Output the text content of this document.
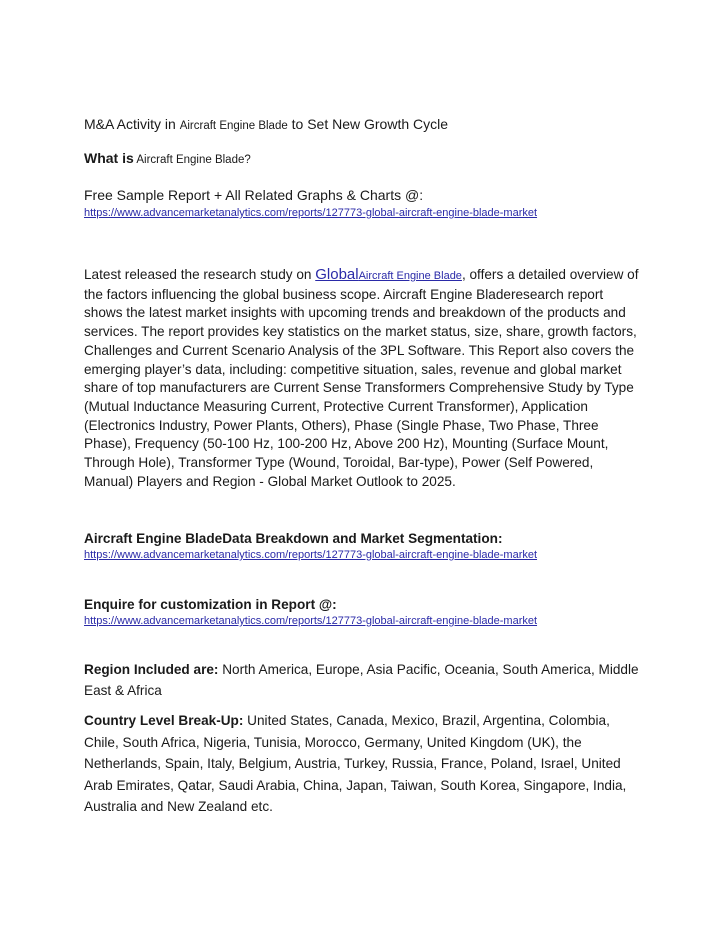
M&A Activity in Aircraft Engine Blade to Set New Growth Cycle

What is Aircraft Engine Blade?

Free Sample Report + All Related Graphs & Charts @:

https://www.advancemarketanalytics.com/reports/127773-global-aircraft-engine-blade-market

Latest released the research study on GlobalAircraft Engine Blade, offers a detailed overview of the factors influencing the global business scope. Aircraft Engine Bladeresearch report shows the latest market insights with upcoming trends and breakdown of the products and services. The report provides key statistics on the market status, size, share, growth factors, Challenges and Current Scenario Analysis of the 3PL Software. This Report also covers the emerging player’s data, including: competitive situation, sales, revenue and global market share of top manufacturers are Current Sense Transformers Comprehensive Study by Type (Mutual Inductance Measuring Current, Protective Current Transformer), Application (Electronics Industry, Power Plants, Others), Phase (Single Phase, Two Phase, Three Phase), Frequency (50-100 Hz, 100-200 Hz, Above 200 Hz), Mounting (Surface Mount, Through Hole), Transformer Type (Wound, Toroidal, Bar-type), Power (Self Powered, Manual) Players and Region - Global Market Outlook to 2025.

Aircraft Engine BladeData Breakdown and Market Segmentation:

https://www.advancemarketanalytics.com/reports/127773-global-aircraft-engine-blade-market

Enquire for customization in Report @:

https://www.advancemarketanalytics.com/reports/127773-global-aircraft-engine-blade-market

Region Included are: North America, Europe, Asia Pacific, Oceania, South America, Middle East & Africa

Country Level Break-Up: United States, Canada, Mexico, Brazil, Argentina, Colombia, Chile, South Africa, Nigeria, Tunisia, Morocco, Germany, United Kingdom (UK), the Netherlands, Spain, Italy, Belgium, Austria, Turkey, Russia, France, Poland, Israel, United Arab Emirates, Qatar, Saudi Arabia, China, Japan, Taiwan, South Korea, Singapore, India, Australia and New Zealand etc.
